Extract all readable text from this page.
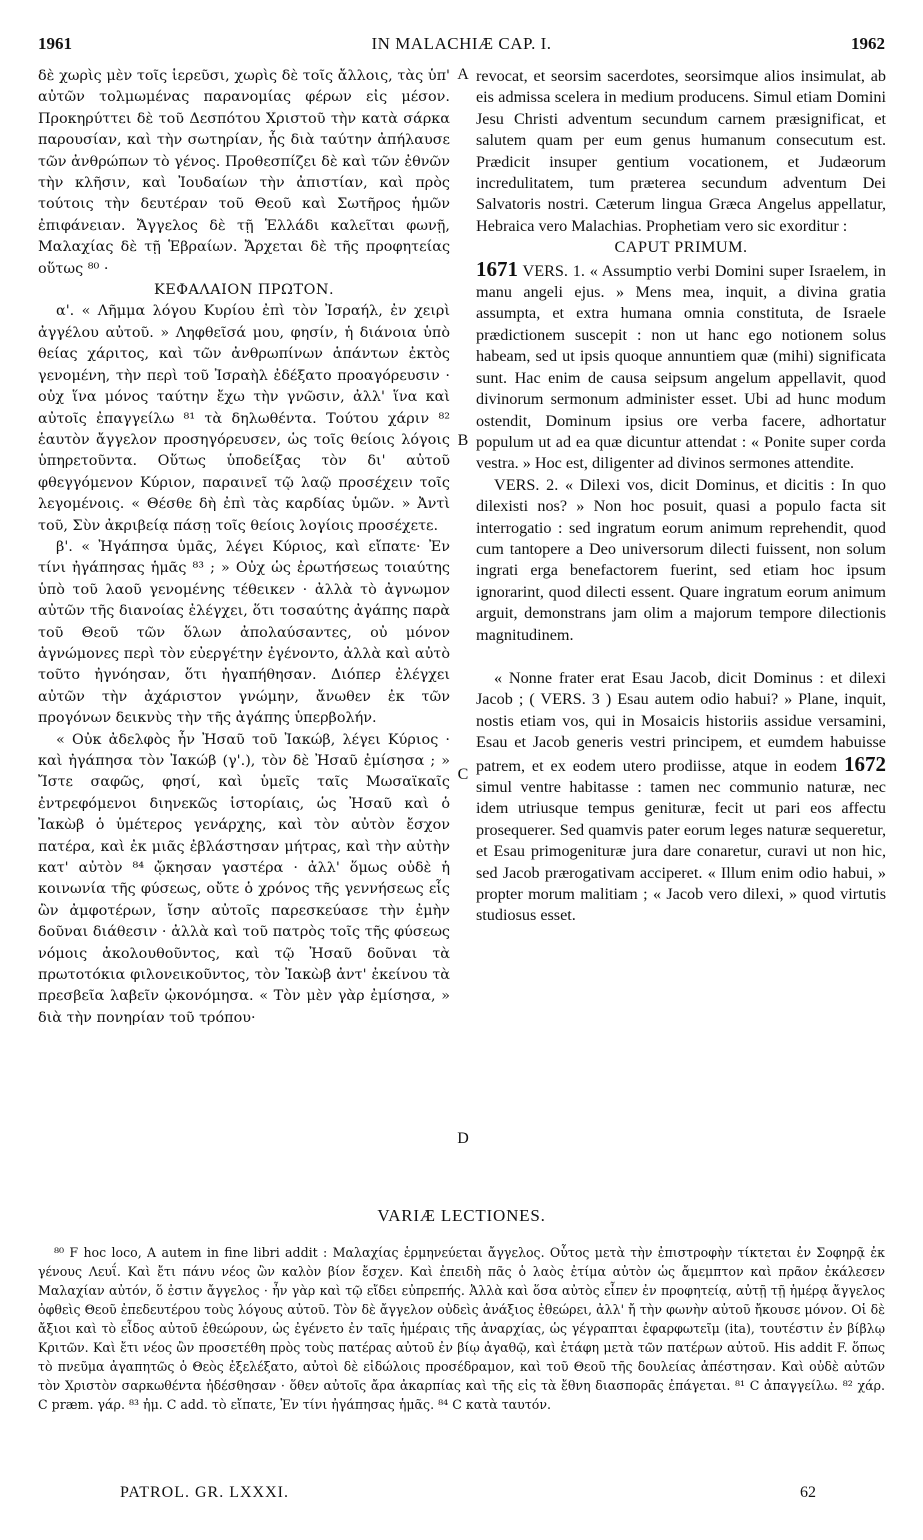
1961	IN MALACHIÆ CAP. I.	1962

δὲ χωρὶς μὲν τοῖς ἱερεῦσι, χωρὶς δὲ τοῖς ἄλλοις, τὰς ὑπ' αὐτῶν τολμωμένας παρανομίας φέρων εἰς μέσον. Προκηρύττει δὲ τοῦ Δεσπότου Χριστοῦ τὴν κατὰ σάρκα παρουσίαν, καὶ τὴν σωτηρίαν, ἧς διὰ ταύτην ἀπήλαυσε τῶν ἀνθρώπων τὸ γένος. Προθεσπίζει δὲ καὶ τῶν ἐθνῶν τὴν κλῆσιν, καὶ Ἰουδαίων τὴν ἀπιστίαν, καὶ πρὸς τούτοις τὴν δευτέραν τοῦ Θεοῦ καὶ Σωτῆρος ἡμῶν ἐπιφάνειαν. Ἄγγελος δὲ τῇ Ἑλλάδι καλεῖται φωνῇ, Μαλαχίας δὲ τῇ Ἑβραίων. Ἄρχεται δὲ τῆς προφητείας οὕτως ⁸⁰ ·

ΚΕΦΑΛΑΙΟΝ ΠΡΩΤΟΝ.

α'. « Λῆμμα λόγου Κυρίου ἐπὶ τὸν Ἰσραήλ, ἐν χειρὶ ἀγγέλου αὐτοῦ. » Ληφθεῖσά μου, φησίν, ἡ διάνοια ὑπὸ θείας χάριτος, καὶ τῶν ἀνθρωπίνων ἁπάντων ἐκτὸς γενομένη, τὴν περὶ τοῦ Ἰσραὴλ ἐδέξατο προαγόρευσιν · οὐχ ἵνα μόνος ταύτην ἔχω τὴν γνῶσιν, ἀλλ' ἵνα καὶ αὐτοῖς ἐπαγγείλω ⁸¹ τὰ δηλωθέντα. Τούτου χάριν ⁸² ἑαυτὸν ἄγγελον προσηγόρευσεν, ὡς τοῖς θείοις λόγοις ὑπηρετοῦντα. Οὕτως ὑποδείξας τὸν δι' αὐτοῦ φθεγγόμενον Κύριον, παραινεῖ τῷ λαῷ προσέχειν τοῖς λεγομένοις. « Θέσθε δὴ ἐπὶ τὰς καρδίας ὑμῶν. » Ἀντὶ τοῦ, Σὺν ἀκριβείᾳ πάσῃ τοῖς θείοις λογίοις προσέχετε.

β'. « Ἠγάπησα ὑμᾶς, λέγει Κύριος, καὶ εἴπατε· Ἐν τίνι ἠγάπησας ἡμᾶς ⁸³ ; » Οὐχ ὡς ἐρωτήσεως τοιαύτης ὑπὸ τοῦ λαοῦ γενομένης τέθεικεν · ἀλλὰ τὸ ἀγνωμον αὐτῶν τῆς διανοίας ἐλέγχει, ὅτι τοσαύτης ἀγάπης παρὰ τοῦ Θεοῦ τῶν ὅλων ἀπολαύσαντες, οὐ μόνον ἀγνώμονες περὶ τὸν εὐεργέτην ἐγένοντο, ἀλλὰ καὶ αὐτὸ τοῦτο ἠγνόησαν, ὅτι ἠγαπήθησαν. Διόπερ ἐλέγχει αὐτῶν τὴν ἀχάριστον γνώμην, ἄνωθεν ἐκ τῶν προγόνων δεικνὺς τὴν τῆς ἀγάπης ὑπερβολήν.

« Οὐκ ἀδελφὸς ἦν Ἠσαῦ τοῦ Ἰακώβ, λέγει Κύριος · καὶ ἠγάπησα τὸν Ἰακώβ (γ'.), τὸν δὲ Ἠσαῦ ἐμίσησα ; » Ἴστε σαφῶς, φησί, καὶ ὑμεῖς ταῖς Μωσαϊκαῖς ἐντρεφόμενοι διηνεκῶς ἱστορίαις, ὡς Ἠσαῦ καὶ ὁ Ἰακὼβ ὁ ὑμέτερος γενάρχης, καὶ τὸν αὐτὸν ἔσχον πατέρα, καὶ ἐκ μιᾶς ἐβλάστησαν μήτρας, καὶ τὴν αὐτὴν κατ' αὐτὸν ⁸⁴ ᾤκησαν γαστέρα · ἀλλ' ὅμως οὐδὲ ἡ κοινωνία τῆς φύσεως, οὔτε ὁ χρόνος τῆς γεννήσεως εἷς ὢν ἀμφοτέρων, ἴσην αὐτοῖς παρεσκεύασε τὴν ἐμὴν δοῦναι διάθεσιν · ἀλλὰ καὶ τοῦ πατρὸς τοῖς τῆς φύσεως νόμοις ἀκολουθοῦντος, καὶ τῷ Ἠσαῦ δοῦναι τὰ πρωτοτόκια φιλονεικοῦντος, τὸν Ἰακὼβ ἀντ' ἐκείνου τὰ πρεσβεῖα λαβεῖν ᾠκονόμησα. « Τὸν μὲν γὰρ ἐμίσησα, » διὰ τὴν πονηρίαν τοῦ τρόπου·

A
B
C
D

revocat, et seorsim sacerdotes, seorsimque alios insimulat, ab eis admissa scelera in medium producens. Simul etiam Domini Jesu Christi adventum secundum carnem præsignificat, et salutem quam per eum genus humanum consecutum est. Prædicit insuper gentium vocationem, et Judæorum incredulitatem, tum præterea secundum adventum Dei Salvatoris nostri. Cæterum lingua Græca Angelus appellatur, Hebraica vero Malachias. Prophetiam vero sic exorditur :

CAPUT PRIMUM.

1671 VERS. 1. « Assumptio verbi Domini super Israelem, in manu angeli ejus. » Mens mea, inquit, a divina gratia assumpta, et extra humana omnia constituta, de Israele prædictionem suscepit : non ut hanc ego notionem solus habeam, sed ut ipsis quoque annuntiem quæ (mihi) significata sunt. Hac enim de causa seipsum angelum appellavit, quod divinorum sermonum administer esset. Ubi ad hunc modum ostendit, Dominum ipsius ore verba facere, adhortatur populum ut ad ea quæ dicuntur attendat : « Ponite super corda vestra. » Hoc est, diligenter ad divinos sermones attendite.

VERS. 2. « Dilexi vos, dicit Dominus, et dicitis : In quo dilexisti nos? » Non hoc posuit, quasi a populo facta sit interrogatio : sed ingratum eorum animum reprehendit, quod cum tantopere a Deo universorum dilecti fuissent, non solum ingrati erga benefactorem fuerint, sed etiam hoc ipsum ignorarint, quod dilecti essent. Quare ingratum eorum animum arguit, demonstrans jam olim a majorum tempore dilectionis magnitudinem.

« Nonne frater erat Esau Jacob, dicit Dominus : et dilexi Jacob ; ( VERS. 3 ) Esau autem odio habui? » Plane, inquit, nostis etiam vos, qui in Mosaicis historiis assidue versamini, Esau et Jacob generis vestri principem, et eumdem habuisse patrem, et ex eodem utero prodiisse, atque in eodem 1672 simul ventre habitasse : tamen nec communio naturæ, nec idem utriusque tempus genituræ, fecit ut pari eos affectu prosequerer. Sed quamvis pater eorum leges naturæ sequeretur, et Esau primogenituræ jura dare conaretur, curavi ut non hic, sed Jacob prærogativam acciperet. « Illum enim odio habui, » propter morum malitiam ; « Jacob vero dilexi, » quod virtutis studiosus esset.

VARIÆ LECTIONES.

⁸⁰ F hoc loco, A autem in fine libri addit : Μαλαχίας ἑρμηνεύεται ἄγγελος. Οὗτος μετὰ τὴν ἐπιστροφὴν τίκτεται ἐν Σοφηρᾷ ἐκ γένους Λευΐ. Καὶ ἔτι πάνυ νέος ὢν καλὸν βίον ἔσχεν. Καὶ ἐπειδὴ πᾶς ὁ λαὸς ἐτίμα αὐτὸν ὡς ἄμεμπτον καὶ πρᾶον ἐκάλεσεν Μαλαχίαν αὐτόν, ὅ ἐστιν ἄγγελος · ἦν γὰρ καὶ τῷ εἴδει εὐπρεπής. Ἀλλὰ καὶ ὅσα αὐτὸς εἶπεν ἐν προφητείᾳ, αὐτῇ τῇ ἡμέρᾳ ἄγγελος ὀφθεὶς Θεοῦ ἐπεδευτέρου τοὺς λόγους αὐτοῦ. Τὸν δὲ ἄγγελον οὐδεὶς ἀνάξιος ἐθεώρει, ἀλλ' ἤ τὴν φωνὴν αὐτοῦ ἤκουσε μόνον. Οἱ δὲ ἄξιοι καὶ τὸ εἶδος αὐτοῦ ἐθεώρουν, ὡς ἐγένετο ἐν ταῖς ἡμέραις τῆς ἀναρχίας, ὡς γέγραπται ἐφαρφωτεῖμ (ita), τουτέστιν ἐν βίβλῳ Κριτῶν. Καὶ ἔτι νέος ὢν προσετέθη πρὸς τοὺς πατέρας αὐτοῦ ἐν βίῳ ἀγαθῷ, καὶ ἐτάφη μετὰ τῶν πατέρων αὐτοῦ. His addit F. ὅπως τὸ πνεῦμα ἀγαπητῶς ὁ Θεὸς ἐξελέξατο, αὐτοὶ δὲ εἰδώλοις προσέδραμον, καὶ τοῦ Θεοῦ τῆς δουλείας ἀπέστησαν. Καὶ οὐδὲ αὐτῶν τὸν Χριστὸν σαρκωθέντα ἠδέσθησαν · ὅθεν αὐτοῖς ἄρα ἀκαρπίας καὶ τῆς εἰς τὰ ἔθνη διασπορᾶς ἐπάγεται. ⁸¹ C ἀπαγγείλω. ⁸² χάρ. C præm. γάρ. ⁸³ ἠμ. C add. τὸ εἴπατε, Ἐν τίνι ἠγάπησας ἡμᾶς. ⁸⁴ C κατὰ ταυτόν.

PATROL. GR. LXXXI.	62
